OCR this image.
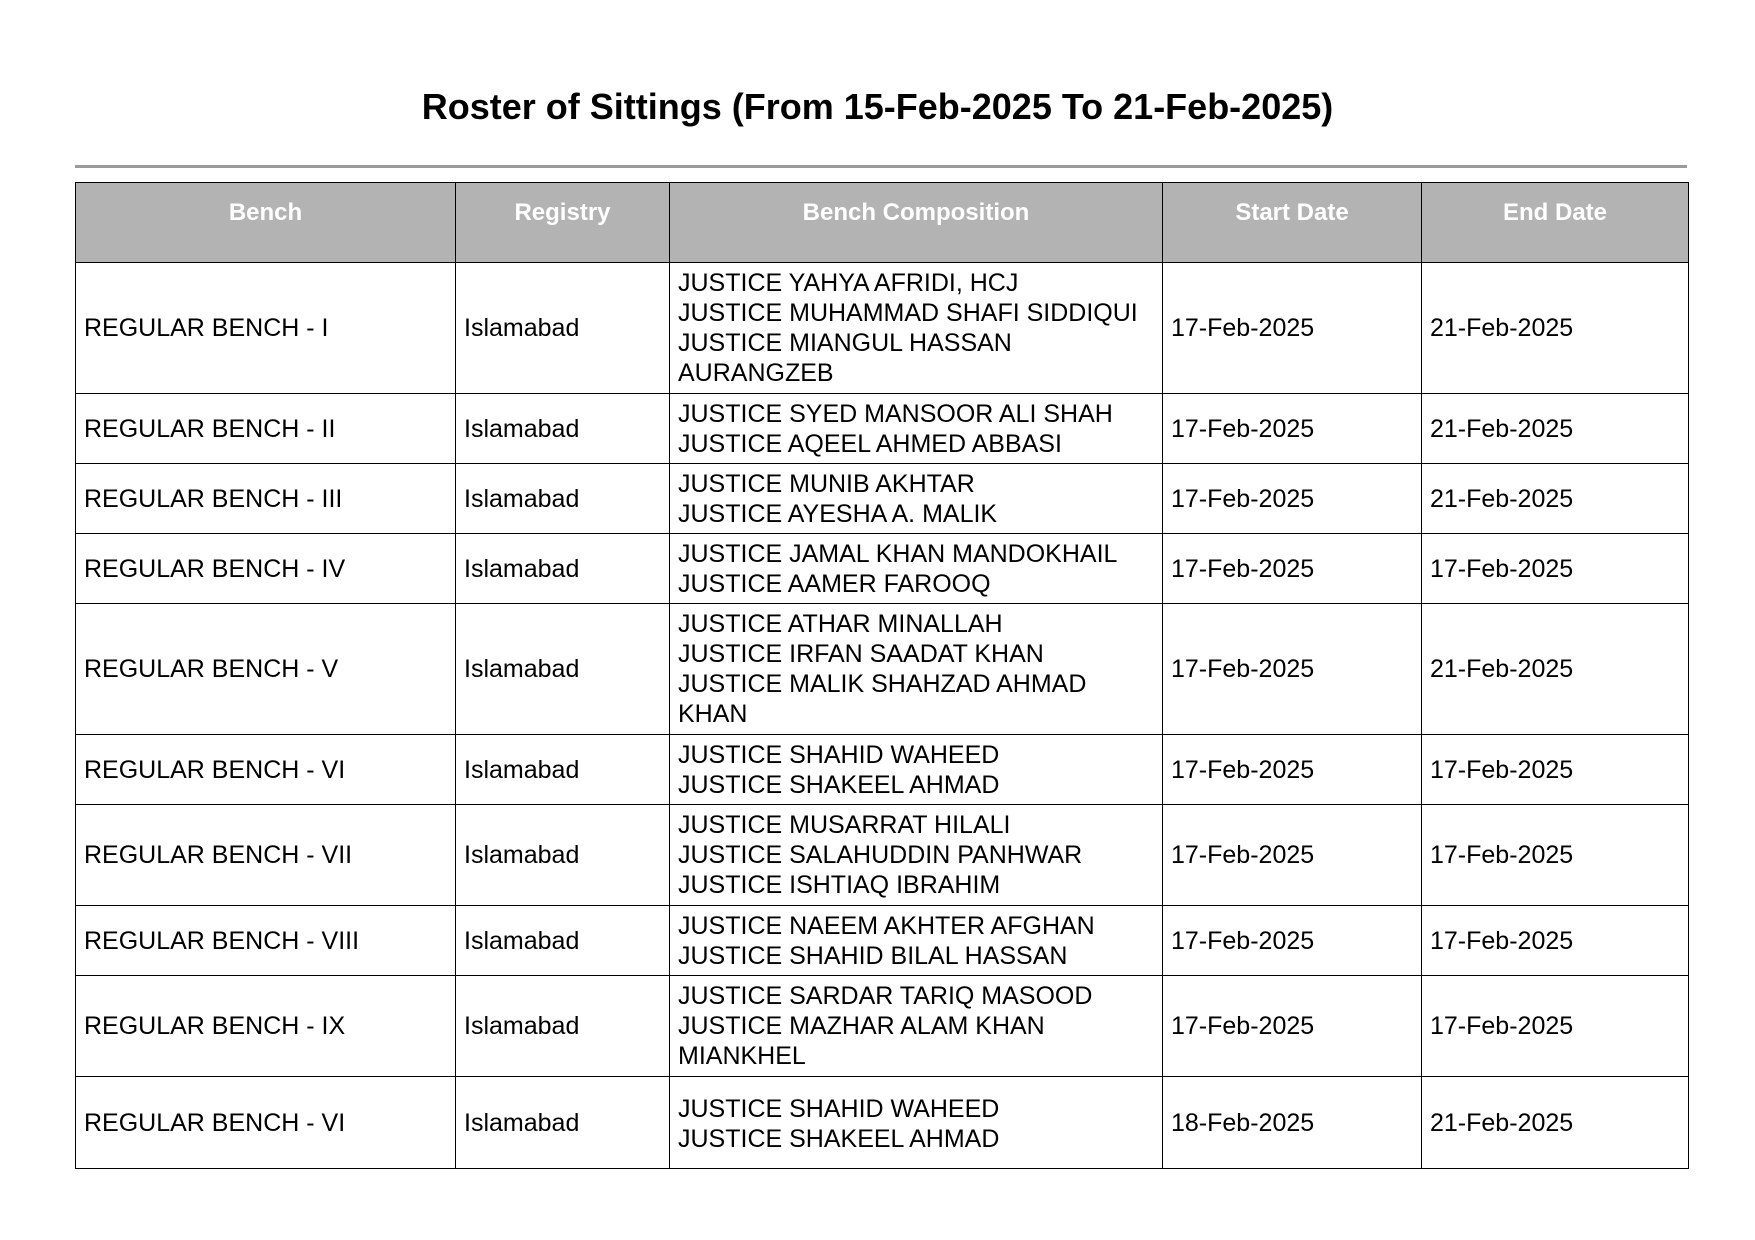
Roster of Sittings (From 15-Feb-2025 To 21-Feb-2025)
Bench	Registry	Bench Composition	Start Date	End Date
REGULAR BENCH - I	Islamabad	JUSTICE YAHYA AFRIDI, HCJ
JUSTICE MUHAMMAD SHAFI SIDDIQUI
JUSTICE MIANGUL HASSAN
AURANGZEB	17-Feb-2025	21-Feb-2025
REGULAR BENCH - II	Islamabad	JUSTICE SYED MANSOOR ALI SHAH
JUSTICE AQEEL AHMED ABBASI	17-Feb-2025	21-Feb-2025
REGULAR BENCH - III	Islamabad	JUSTICE MUNIB AKHTAR
JUSTICE AYESHA A. MALIK	17-Feb-2025	21-Feb-2025
REGULAR BENCH - IV	Islamabad	JUSTICE JAMAL KHAN MANDOKHAIL
JUSTICE AAMER FAROOQ	17-Feb-2025	17-Feb-2025
REGULAR BENCH - V	Islamabad	JUSTICE ATHAR MINALLAH
JUSTICE IRFAN SAADAT KHAN
JUSTICE MALIK SHAHZAD AHMAD
KHAN	17-Feb-2025	21-Feb-2025
REGULAR BENCH - VI	Islamabad	JUSTICE SHAHID WAHEED
JUSTICE SHAKEEL AHMAD	17-Feb-2025	17-Feb-2025
REGULAR BENCH - VII	Islamabad	JUSTICE MUSARRAT HILALI
JUSTICE SALAHUDDIN PANHWAR
JUSTICE ISHTIAQ IBRAHIM	17-Feb-2025	17-Feb-2025
REGULAR BENCH - VIII	Islamabad	JUSTICE NAEEM AKHTER AFGHAN
JUSTICE SHAHID BILAL HASSAN	17-Feb-2025	17-Feb-2025
REGULAR BENCH - IX	Islamabad	JUSTICE SARDAR TARIQ MASOOD
JUSTICE MAZHAR ALAM KHAN
MIANKHEL	17-Feb-2025	17-Feb-2025
REGULAR BENCH - VI	Islamabad	JUSTICE SHAHID WAHEED
JUSTICE SHAKEEL AHMAD	18-Feb-2025	21-Feb-2025
